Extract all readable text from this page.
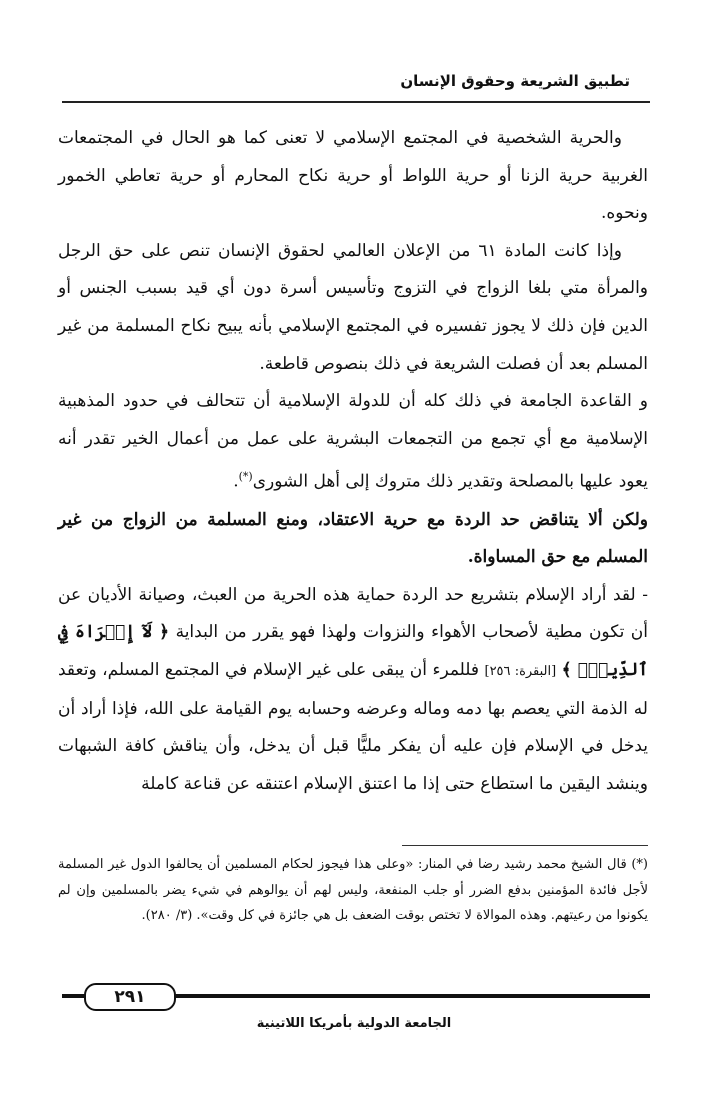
تطبيق الشريعة وحقوق الإنسان

والحرية الشخصية في المجتمع الإسلامي لا تعنى كما هو الحال في المجتمعات الغربية حرية الزنا أو حرية اللواط أو حرية نكاح المحارم أو حرية تعاطي الخمور ونحوه.

وإذا كانت المادة ٦١ من الإعلان العالمي لحقوق الإنسان تنص على حق الرجل والمرأة متي بلغا الزواج في التزوج وتأسيس أسرة دون أي قيد بسبب الجنس أو الدين فإن ذلك لا يجوز تفسيره في المجتمع الإسلامي بأنه يبيح نكاح المسلمة من غير المسلم بعد أن فصلت الشريعة في ذلك بنصوص قاطعة.

و القاعدة الجامعة في ذلك كله أن للدولة الإسلامية أن تتحالف في حدود المذهبية الإسلامية مع أي تجمع من التجمعات البشرية على عمل من أعمال الخير تقدر أنه يعود عليها بالمصلحة وتقدير ذلك متروك إلى أهل الشورى(*).

ولكن ألا يتناقض حد الردة مع حرية الاعتقاد، ومنع المسلمة من الزواج من غير المسلم مع حق المساواة.

- لقد أراد الإسلام بتشريع حد الردة حماية هذه الحرية من العبث، وصيانة الأديان عن أن تكون مطية لأصحاب الأهواء والنزوات ولهذا فهو يقرر من البداية ﴿ لَآ إِكۡرَاهَ فِي ٱلدِّينِۖ ﴾ [البقرة: ٢٥٦] فللمرء أن يبقى على غير الإسلام في المجتمع المسلم، وتعقد له الذمة التي يعصم بها دمه وماله وعرضه وحسابه يوم القيامة على الله، فإذا أراد أن يدخل في الإسلام فإن عليه أن يفكر مليًّا قبل أن يدخل، وأن يناقش كافة الشبهات وينشد اليقين ما استطاع حتى إذا ما اعتنق الإسلام اعتنقه عن قناعة كاملة

(*) قال الشيخ محمد رشيد رضا في المنار: «وعلى هذا فيجوز لحكام المسلمين أن يحالفوا الدول غير المسلمة لأجل فائدة المؤمنين بدفع الضرر أو جلب المنفعة، وليس لهم أن يوالوهم في شيء يضر بالمسلمين وإن لم يكونوا من رعيتهم. وهذه الموالاة لا تختص بوقت الضعف بل هي جائزة في كل وقت». (٣/ ٢٨٠).

٢٩١
الجامعة الدولية بأمريكا اللاتينية
